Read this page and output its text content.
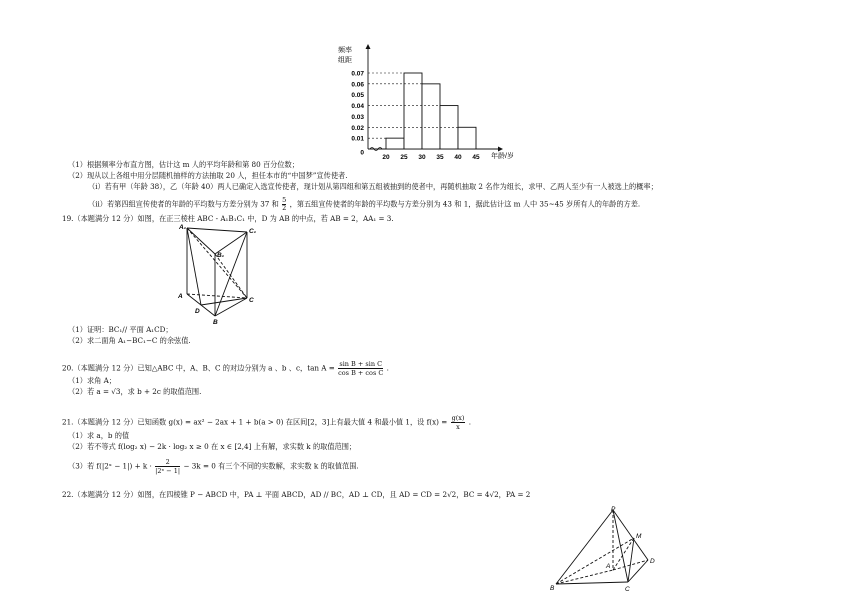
0.07
0.06
0.05
0.04
0.03
0.02
0.01
0
20 25 30 35 40 45
频率
组距
年龄/岁
（1）根据频率分布直方图，估计这 m 人的平均年龄和第 80 百分位数；
（2）现从以上各组中用分层随机抽样的方法抽取 20 人，担任本市的“中国梦”宣传使者.
（i）若有甲（年龄 38），乙（年龄 40）两人已确定入选宣传使者，现计划从第四组和第五组被抽到的使者中，再随机抽取 2 名作为组长，求甲、乙两人至少有一人被选上的概率；
（ii）若第四组宣传使者的年龄的平均数与方差分别为 37 和 $\frac{5}{2}$ ，第五组宣传使者的年龄的平均数与方差分别为 43 和 1，据此估计这 m 人中 35~45 岁所有人的年龄的方差.
19.（本题满分 12 分）如图，在正三棱柱 ABC - A₁B₁C₁ 中，D 为 AB 的中点，若 AB = 2，AA₁ = 3.
A₁
C₁
B₁
A
C
D
B
（1）证明：BC₁// 平面 A₁CD；
（2）求二面角 A₁−BC₁−C 的余弦值.
20.（本题满分 12 分）已知△ABC 中，A、B、C 的对边分别为 a 、b 、c，$\tan A = \frac{\text{sin B + sin C}}{\text{cos B + cos C}}$ .
（1）求角 A；
（2）若 a = √3，求 b + 2c 的取值范围.
21.（本题满分 12 分）已知函数 g(x) = ax² − 2ax + 1 + b(a > 0) 在区间[2，3]上有最大值 4 和最小值 1，设 $f(x) = \frac{g(x)}{x}$ .
（1）求 a，b 的值
（2）若不等式 f(log₂ x) − 2k · log₂ x ≥ 0 在 x ∈ [2,4] 上有解，求实数 k 的取值范围；
（3）若 f(|2ˣ − $1|) + k \cdot \frac{2}{\text{|2ˣ − 1|}} - 3k = 0$ 有三个不同的实数解，求实数 k 的取值范围.
22.（本题满分 12 分）如图，在四棱锥 P − ABCD 中，PA ⊥ 平面 ABCD，AD // BC，AD ⊥ CD，且 AD = CD = 2√2，BC = 4√2，PA = 2
P
M
D
A
C
B
